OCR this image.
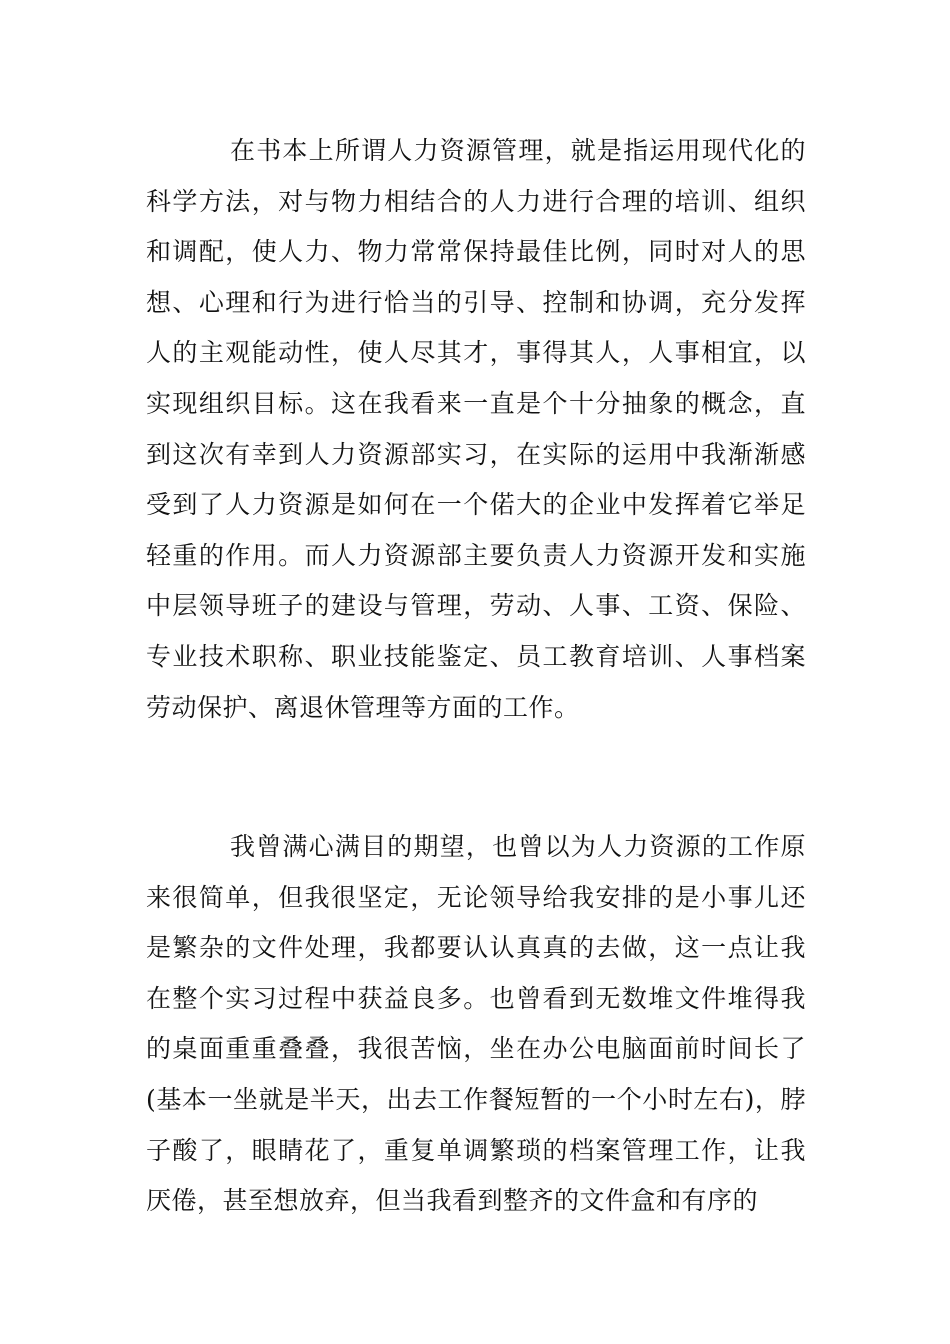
在书本上所谓人力资源管理，就是指运用现代化的科学方法，对与物力相结合的人力进行合理的培训、组织和调配，使人力、物力常常保持最佳比例，同时对人的思想、心理和行为进行恰当的引导、控制和协调，充分发挥人的主观能动性，使人尽其才，事得其人，人事相宜，以实现组织目标。这在我看来一直是个十分抽象的概念，直到这次有幸到人力资源部实习，在实际的运用中我渐渐感受到了人力资源是如何在一个偌大的企业中发挥着它举足轻重的作用。而人力资源部主要负责人力资源开发和实施中层领导班子的建设与管理，劳动、人事、工资、保险、专业技术职称、职业技能鉴定、员工教育培训、人事档案劳动保护、离退休管理等方面的工作。

我曾满心满目的期望，也曾以为人力资源的工作原来很简单，但我很坚定，无论领导给我安排的是小事儿还是繁杂的文件处理，我都要认认真真的去做，这一点让我在整个实习过程中获益良多。也曾看到无数堆文件堆得我的桌面重重叠叠，我很苦恼，坐在办公电脑面前时间长了(基本一坐就是半天，出去工作餐短暂的一个小时左右)，脖子酸了，眼睛花了，重复单调繁琐的档案管理工作，让我厌倦，甚至想放弃，但当我看到整齐的文件盒和有序的
